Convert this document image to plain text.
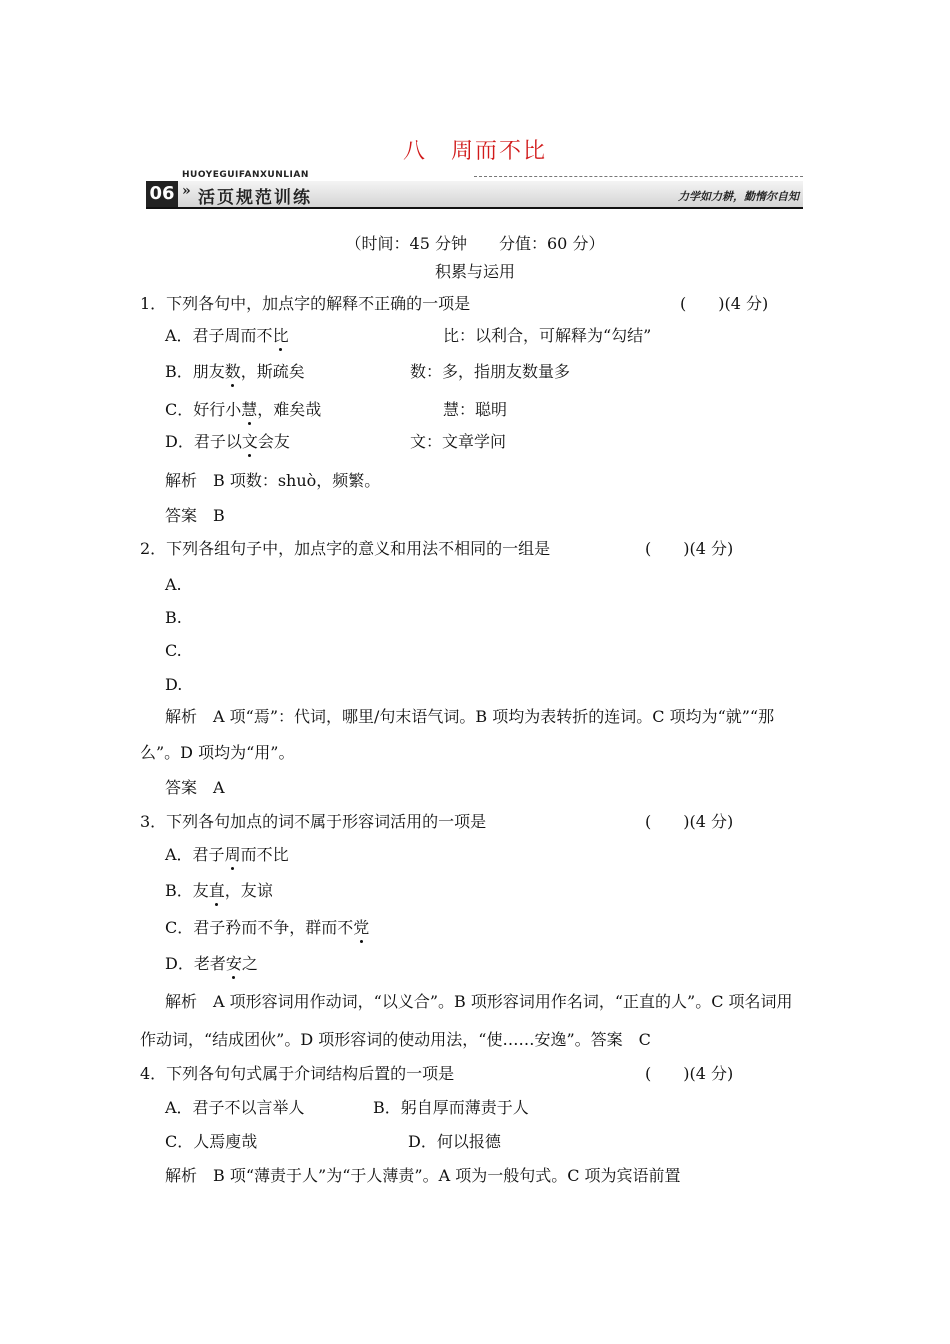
八　周而不比
HUOYEGUIFANXUNLIAN
06 » 活页规范训练	力学如力耕，勤惰尔自知
（时间：45 分钟　　分值：60 分）
积累与运用
1．下列各句中，加点字的解释不正确的一项是	(　　)(4 分)
A．君子周而不比	比：以利合，可解释为“勾结”
B．朋友数，斯疏矣	数：多，指朋友数量多
C．好行小慧，难矣哉	慧：聪明
D．君子以文会友	文：文章学问
解析　B 项数：shuò，频繁。
答案　B
2．下列各组句子中，加点字的意义和用法不相同的一组是	(　　)(4 分)
A.
B.
C.
D.
解析　A 项“焉”：代词，哪里/句末语气词。B 项均为表转折的连词。C 项均为“就”“那
么”。D 项均为“用”。
答案　A
3．下列各句加点的词不属于形容词活用的一项是	(　　)(4 分)
A．君子周而不比
B．友直，友谅
C．君子矜而不争，群而不党
D．老者安之
解析　A 项形容词用作动词，“以义合”。B 项形容词用作名词，“正直的人”。C 项名词用
作动词，“结成团伙”。D 项形容词的使动用法，“使……安逸”。答案　C
4．下列各句句式属于介词结构后置的一项是	(　　)(4 分)
A．君子不以言举人	B．躬自厚而薄责于人
C．人焉廋哉	D．何以报德
解析　B 项“薄责于人”为“于人薄责”。A 项为一般句式。C 项为宾语前置
